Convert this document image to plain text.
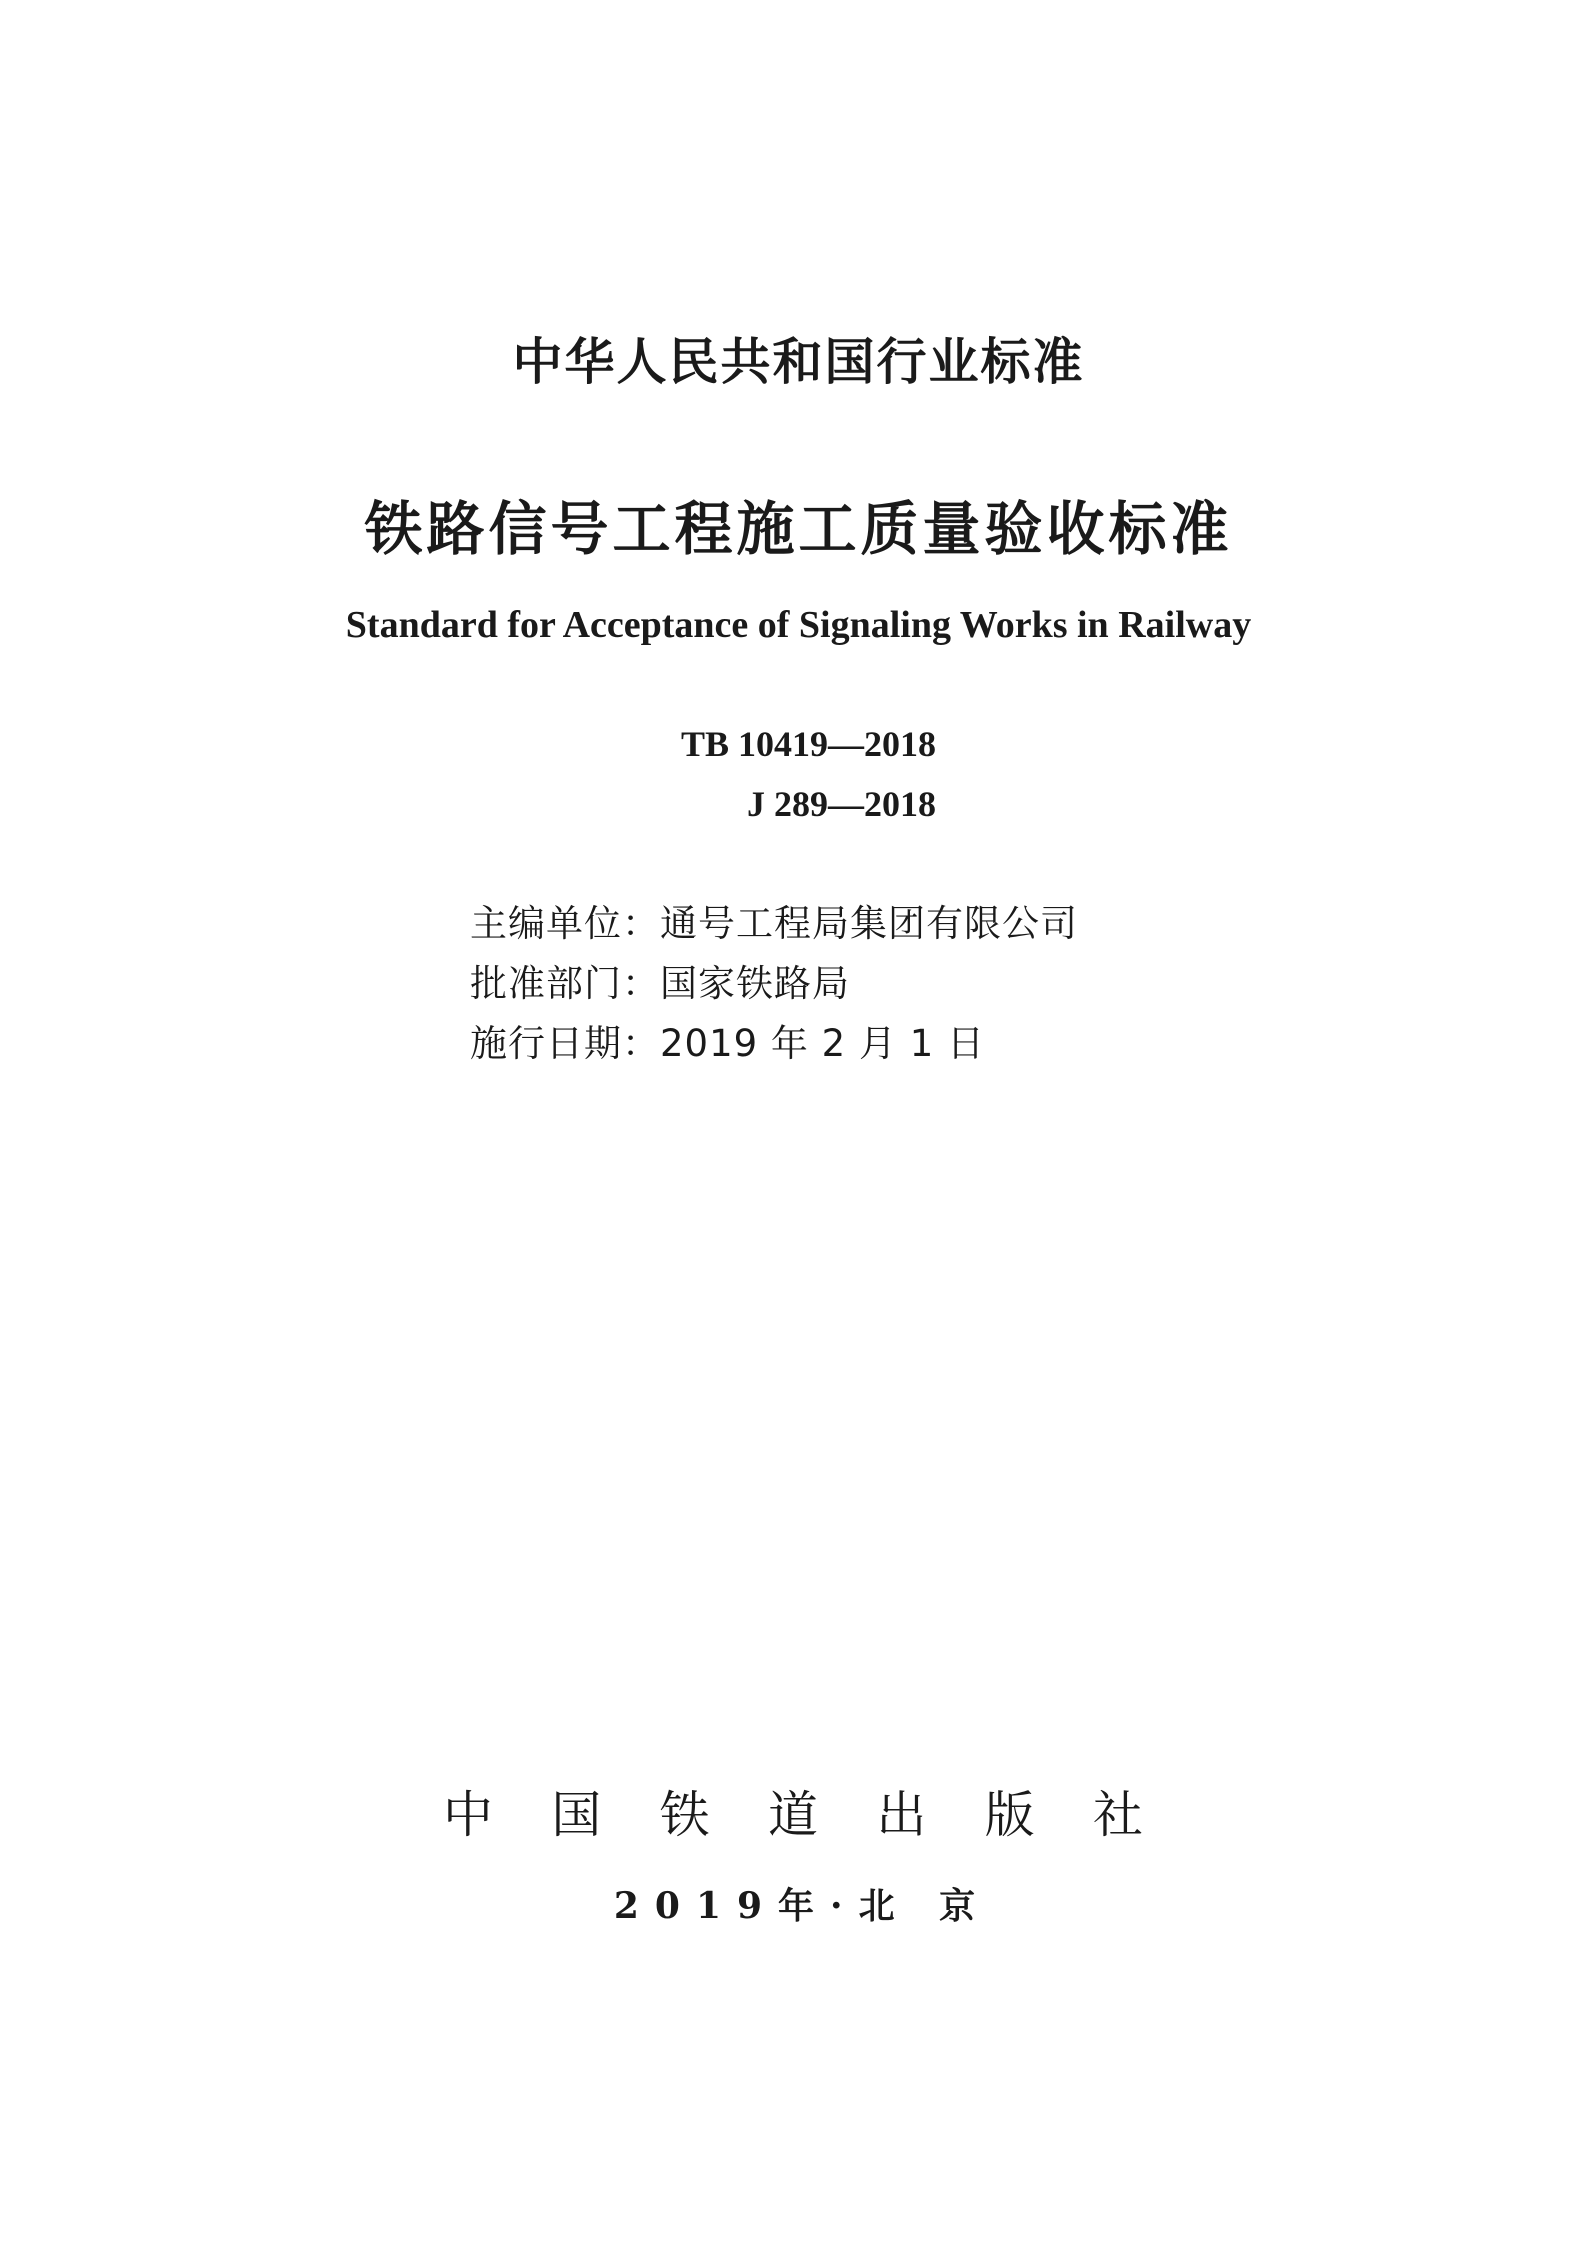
中华人民共和国行业标准
铁路信号工程施工质量验收标准
Standard for Acceptance of Signaling Works in Railway
TB 10419—2018
J 289—2018
主编单位：通号工程局集团有限公司
批准部门：国家铁路局
施行日期：2019 年 2 月 1 日
中 国 铁 道 出 版 社
2019年·北 京
